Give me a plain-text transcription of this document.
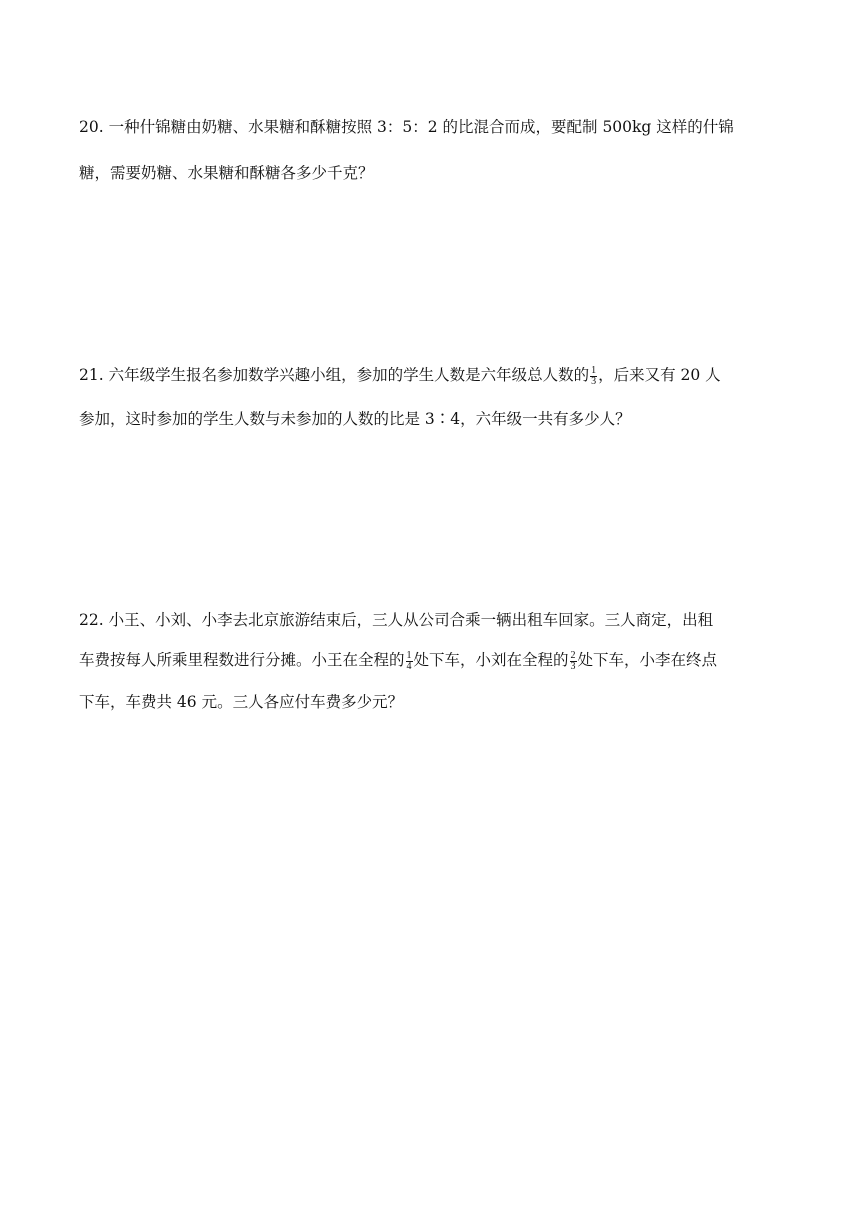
20. 一种什锦糖由奶糖、水果糖和酥糖按照 3：5：2 的比混合而成，要配制 500kg 这样的什锦
糖，需要奶糖、水果糖和酥糖各多少千克？
21. 六年级学生报名参加数学兴趣小组，参加的学生人数是六年级总人数的 $\frac{1}{3}$ ，后来又有 20 人
参加，这时参加的学生人数与未参加的人数的比是 3∶4，六年级一共有多少人？
22. 小王、小刘、小李去北京旅游结束后，三人从公司合乘一辆出租车回家。三人商定，出租
车费按每人所乘里程数进行分摊。小王在全程的 $\frac{1}{4}$ 处下车，小刘在全程的 $\frac{2}{3}$ 处下车，小李在终点
下车，车费共 46 元。三人各应付车费多少元？
